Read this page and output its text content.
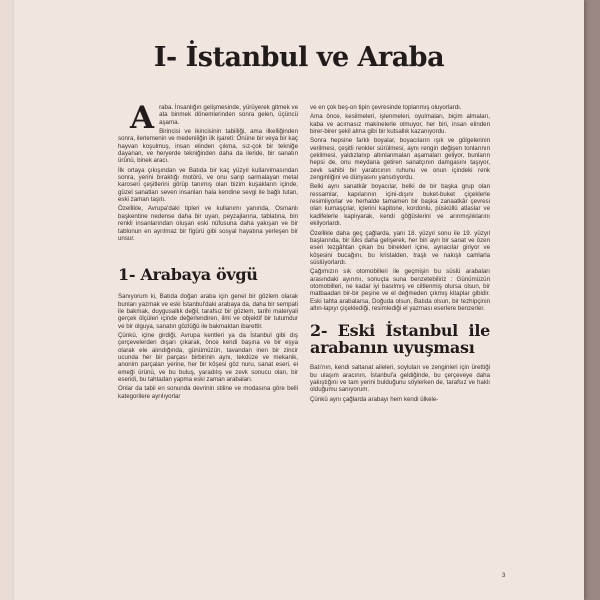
I- İstanbul ve Araba
A raba. İnsanlığın gelişmesinde, yürüyerek gitmek ve ata binmek dönemlerinden sonra gelen, üçüncü aşama.

Birincisi ve ikincisinin tabiiliği, ama ilkelliğinden sonra, ilerlemenin ve medeniliğin ilk işareti: Önüne bir veya bir kaç hayvan koşulmuş, insan elinden çıkma, sız-çok bir tekniğe dayanan, ve heryerde tekniğinden daha da ileride, bir sanatın ürünü, binek aracı.

İlk ortaya çıkışından ve Batıda bir kaç yüzyıl kullanılmasından sonra, yerini bıraktığı motörü, ve onu sarıp sarmalayan metal karoseri çeşitlerini görüp tanımış olan bizim kuşakların içinde, güzel sanatları seven insanları hala kendine sevgi ile bağlı tutan, eski zaman taşıtı.

Özellikle, Avrupa'daki tipleri ve kullanımı yanında, Osmanlı başkentine nedense daha bir uyan, peyzajlarına, tablatına, bin renkli insanlarından oluşan eski nüfusuna daha yakışan ve bir tablonun en ayrılmaz bir figürü gibi sosyal hayatına yerleşen bir unsur.

1- Arabaya övgü

Sanıyorum ki, Batıda doğan araba için genel bir gözlem olarak bunları yazmak ve eski İstanbul'daki arabaya da, daha bir sempati ile bakmak, duygusallık değil, tarafsız bir gözlem, tarihi materyali gerçek ölçüleri içinde değerlendiren, ilmi ve objektif bir tutumdur ve bir olguya, sanatın gözlüğü ile bakmaktan ibarettir.

Çünkü, içine girdiği, Avrupa kentleri ya da İstanbul gibi dış çerçevelerden dışarı çıkarak, önce kendi başına ve bir eşya olarak ele alındığında, günümüzün, tavandan inen bir zincir ucunda her bir parçası birbirinin aynı, tekdüze ve mekanik, anonim parçaları yerine, her bir köşesi göz nuru, sanat eseri, ei emeği ürünü, ve bu buluş, yaradılış ve zevk sonucu olan, bir eseridi, bu tahtadan yapma eski zaman arabaları.

Onlar da tabii en sonunda devrinin stiline ve modasına göre belli kategorilere ayrılıyorlar

ve en çok beş-on tipin çevresinde toplanmış oluyorlardı.

Ama önce, kesilmeleri, işlenmeleri, oyulmaları, biçim almaları, kaba ve acımasız makinelerle olmuyor, her biri, insan elinden birer-birer şekil alma gibi bir kutsallık kazanıyordu.

Sonra hepsine farklı boyalar, boyacıların ışık ve gölgelerinin verilmesi, çeşitli renkler sürülmesi, aynı rengin değişen tonlarının çekilmesi, yaldızlanıp altınlanmaları aşamaları geliyor, bunların hepsi de, onu meydana getiren sanatçının damgasını taşıyor, zevk sahibi bir yaratıcının ruhunu ve onun içindeki renk zenginliğini ve dünyasını yansıtıyordu.

Belki aynı sanatkâr boyacılar, belki de bir başka grup olan ressamlar, kapılarının içini-dışını buket-buket çiçeklerle resimliyorlar ve herhalde tamamen bir başka zanaatkâr çevresi olan kumaşçılar, içlerini kapitone, kordonlu, püsküllü atlaslar ve kadifelerle kaplıyarak, kendi göğüslerini ve arınmışlıklarını ekliyorlardı.

Özellikle daha geç çağlarda, yani 18. yüzyıl sonu ile 19. yüzyıl başlarında, bir lüks daha gelişerek, her biri ayrı bir sanat ve özen eseri tezgâhtan çıkan bu binekleri içine, aynacılar giriyor ve köşesini bucağını, bu kristalden, traşlı ve nakışlı camlarla süslüyorlardı.

Çağımızın sık otomobilleri ile geçmişin bu süslü arabaları arasındaki ayırımı, sonuçta suna benzetebiliriz : Günümüzün otomobilleri, ne kadar iyi basılmış ve ciltlenmiş olursa olsun, bir matbaadan bir-bir peşine ve el değmeden çıkmış kitaplar gibidir. Eski tahta arabalarsa, Doğuda olsun, Batıda olsun, bir tezhipçinin altın-lapıyı çiçeklediği, resimlediği el yazması eserlere benzerler.

2- Eski İstanbul ile arabanın uyuşması

Batı'nın, kendi saltanat aileleri, soyluları ve zenginleri için ürettiği bu ulaşım aracının, İstanbul'a geldiğinde, bu çerçeveye daha yakıştığını ve tam yerini bulduğunu söylerken de, tarafsız ve haklı olduğumu sanıyorum.

Çünkü aynı çağlarda arabayı hem kendi ülkele-

3
